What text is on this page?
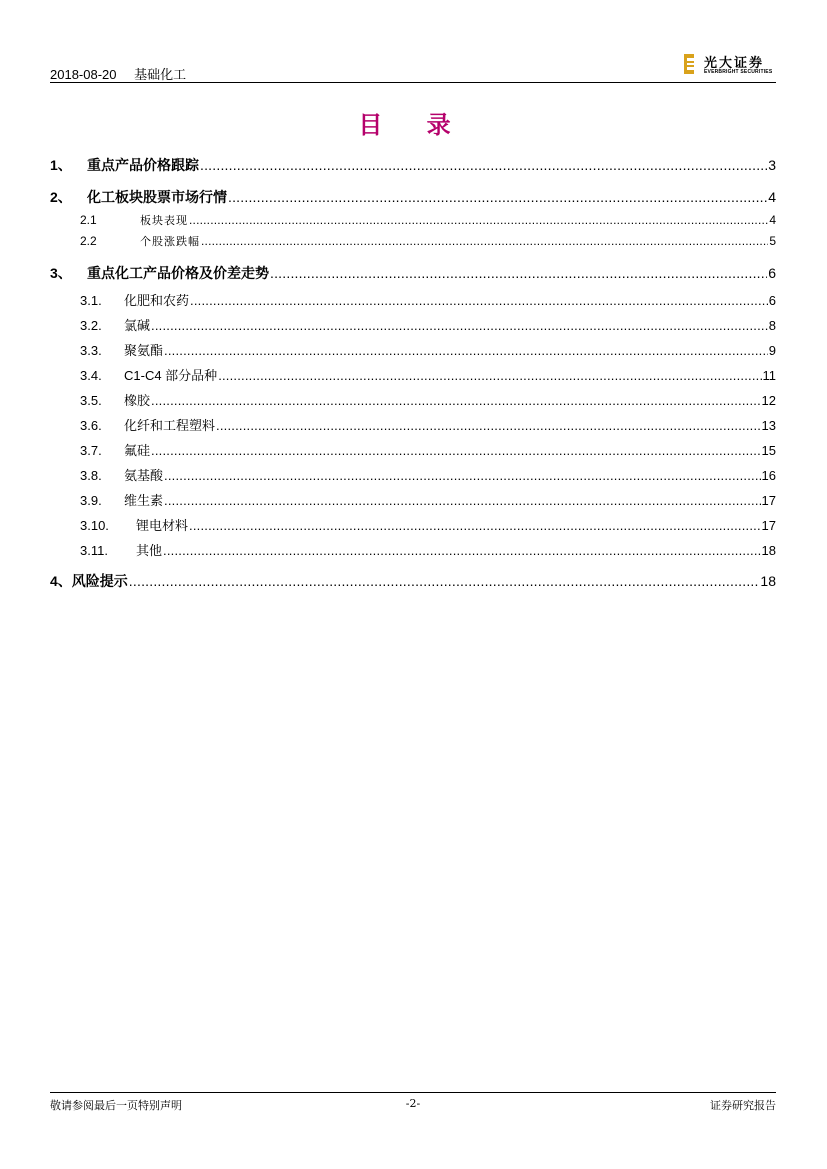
2018-08-20 基础化工
光大证券
EVERBRIGHT SECURITIES
目 录
1、	重点产品价格跟踪 .....	3
2、	化工板块股票市场行情 .....	4
2.1	板块表现 .....	4
2.2	个股涨跌幅 .....	5
3、	重点化工产品价格及价差走势 .....	6
3.1.	化肥和农药 .....	6
3.2.	氯碱 .....	8
3.3.	聚氨酯 .....	9
3.4.	C1-C4 部分品种 .....	11
3.5.	橡胶 .....	12
3.6.	化纤和工程塑料 .....	13
3.7.	氟硅 .....	15
3.8.	氨基酸 .....	16
3.9.	维生素 .....	17
3.10.	锂电材料 .....	17
3.11.	其他 .....	18
4、 风险提示 .....	18
敬请参阅最后一页特别声明	-2-	证券研究报告
